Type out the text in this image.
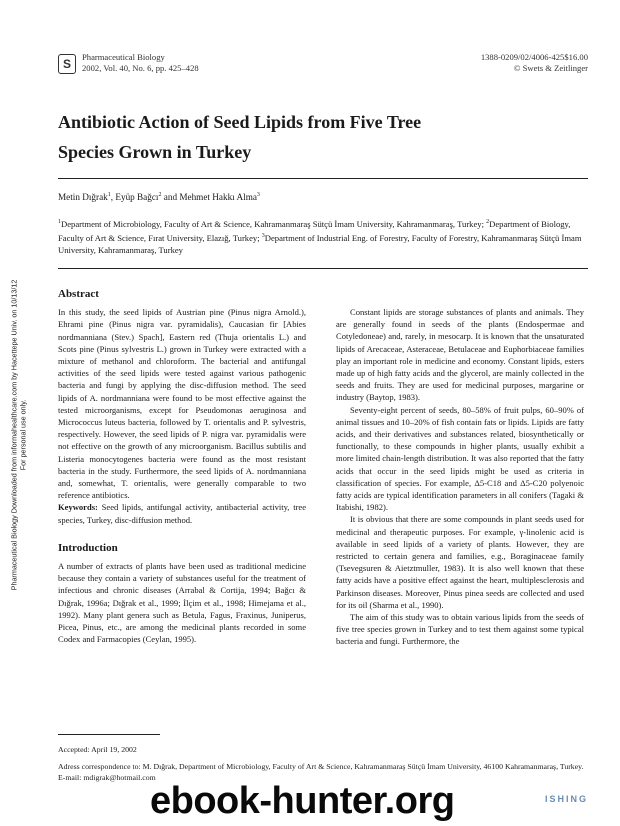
Pharmaceutical Biology Downloaded from informahealthcare.com by Hacettepe Univ. on 10/13/12 For personal use only.
S	Pharmaceutical Biology
2002, Vol. 40, No. 6, pp. 425–428
1388-0209/02/4006-425$16.00
© Swets & Zeitlinger
Antibiotic Action of Seed Lipids from Five Tree
Species Grown in Turkey
Metin Dığrak$^1$, Eyüp Bağcı$^2$ and Mehmet Hakkı Alma$^3$
$^1$Department of Microbiology, Faculty of Art & Science, Kahramanmaraş Sütçü İmam University, Kahramanmaraş, Turkey; $^2$Department of Biology, Faculty of Art & Science, Fırat University, Elazığ, Turkey; $^3$Department of Industrial Eng. of Forestry, Faculty of Forestry, Kahramanmaraş Sütçü İmam University, Kahramanmaraş, Turkey
Abstract

In this study, the seed lipids of Austrian pine (Pinus nigra Arnold.), Ehrami pine (Pinus nigra var. pyramidalis), Caucasian fir [Abies nordmanniana (Stev.) Spach], Eastern red (Thuja orientalis L.) and Scots pine (Pinus sylvestris L.) grown in Turkey were extracted with a mixture of methanol and chloroform. The bacterial and antifungal activities of the seed lipids were tested against various pathogenic bacteria and fungi by applying the disc-diffusion method. The seed lipids of A. nordmanniana were found to be most effective against the tested microorganisms, except for Pseudomonas aeruginosa and Micrococcus luteus bacteria, followed by T. orientalis and P. sylvestris, respectively. However, the seed lipids of P. nigra var. pyramidalis were not effective on the growth of any microorganism. Bacillus subtilis and Listeria monocytogenes bacteria were found as the most resistant bacteria in the study. Furthermore, the seed lipids of A. nordmanniana and, somewhat, T. orientalis, were generally comparable to two reference antibiotics.

Keywords: Seed lipids, antifungal activity, antibacterial activity, tree species, Turkey, disc-diffusion method.

Introduction

A number of extracts of plants have been used as traditional medicine because they contain a variety of substances useful for the treatment of infectious and chronic diseases (Arrabal & Cortija, 1994; Bağcı & Dığrak, 1996a; Dığrak et al., 1999; İlçim et al., 1998; Himejama et al., 1992). Many plant genera such as Betula, Fagus, Fraxinus, Juniperus, Picea, Pinus, etc., are among the medicinal plants recorded in some Codex and Farmacopies (Ceylan, 1995).

Constant lipids are storage substances of plants and animals. They are generally found in seeds of the plants (Endospermae and Cotyledoneae) and, rarely, in mesocarp. It is known that the unsaturated lipids of Arecaceae, Asteraceae, Betulaceae and Euphorbiaceae families play an important role in medicine and economy. Constant lipids, esters made up of high fatty acids and the glycerol, are mainly collected in the seeds and fruits. They are used for medicinal purposes, margarine or industry (Baytop, 1983).

Seventy-eight percent of seeds, 80–58% of fruit pulps, 60–90% of animal tissues and 10–20% of fish contain fats or lipids. Lipids are fatty acids, and their derivatives and substances related, biosynthetically or functionally, to these compounds in higher plants, usually exhibit a more limited chain-length distribution. It was also reported that the fatty acids that occur in the seed lipids might be used as criteria in classification of species. For example, Δ5-C18 and Δ5-C20 polyenoic fatty acids are typical identification parameters in all conifers (Tagaki & Itabishi, 1982).

It is obvious that there are some compounds in plant seeds used for medicinal and therapeutic purposes. For example, γ-linolenic acid is available in seed lipids of a variety of plants. However, they are restricted to certain genera and families, e.g., Boraginaceae family (Tsevegsuren & Aietztmuller, 1983). It is also well known that these fatty acids have a positive effect against the heart, multiplesclerosis and Parkinson diseases. Moreover, Pinus pinea seeds are collected and used for its oil (Sharma et al., 1990).

The aim of this study was to obtain various lipids from the seeds of five tree species grown in Turkey and to test them against some typical bacteria and fungi. Furthermore, the

Accepted: April 19, 2002
Adress correspondence to: M. Dığrak, Department of Microbiology, Faculty of Art & Science, Kahramanmaraş Sütçü İmam University, 46100 Kahramanmaraş, Turkey. E-mail: mdigrak@hotmail.com
ebook-hunter.org	ISHING
